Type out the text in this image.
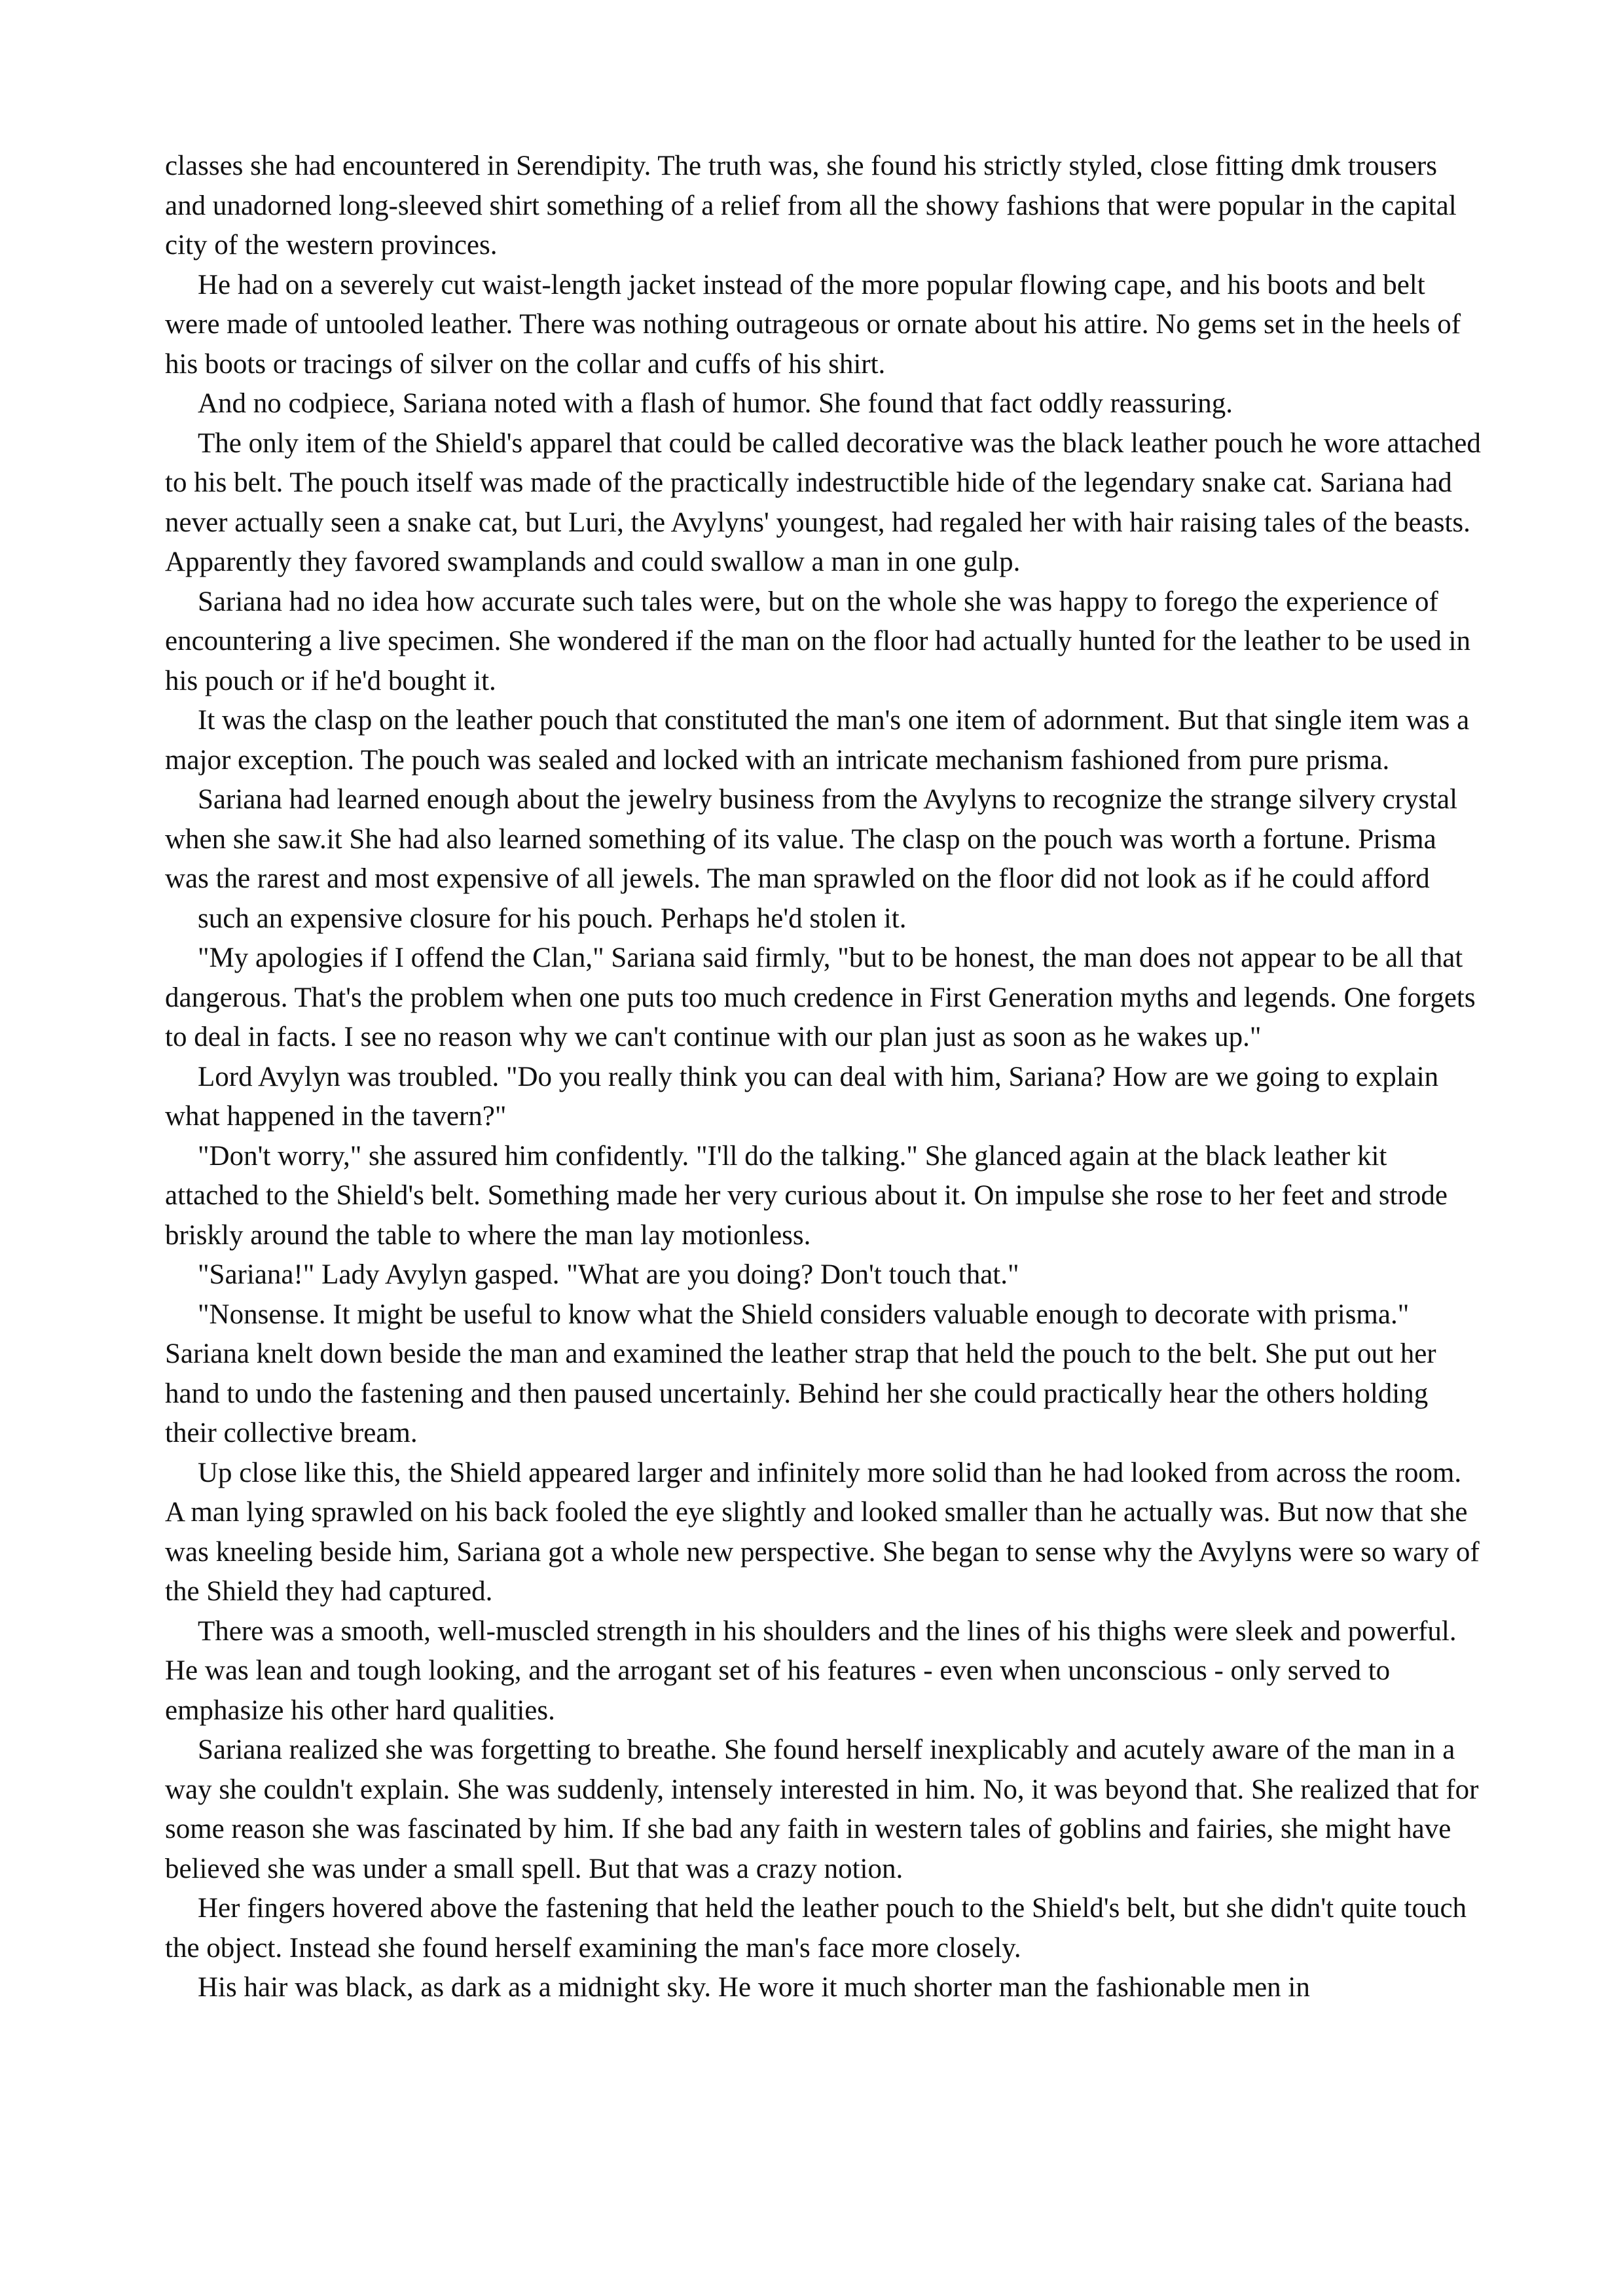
classes she had encountered in Serendipity. The truth was, she found his strictly styled, close fitting dmk trousers and unadorned long-sleeved shirt something of a relief from all the showy fashions that were popular in the capital city of the western provinces.

He had on a severely cut waist-length jacket instead of the more popular flowing cape, and his boots and belt were made of untooled leather. There was nothing outrageous or ornate about his attire. No gems set in the heels of his boots or tracings of silver on the collar and cuffs of his shirt.

And no codpiece, Sariana noted with a flash of humor. She found that fact oddly reassuring.

The only item of the Shield's apparel that could be called decorative was the black leather pouch he wore attached to his belt. The pouch itself was made of the practically indestructible hide of the legendary snake cat. Sariana had never actually seen a snake cat, but Luri, the Avylyns' youngest, had regaled her with hair raising tales of the beasts. Apparently they favored swamplands and could swallow a man in one gulp.

Sariana had no idea how accurate such tales were, but on the whole she was happy to forego the experience of encountering a live specimen. She wondered if the man on the floor had actually hunted for the leather to be used in his pouch or if he'd bought it.

It was the clasp on the leather pouch that constituted the man's one item of adornment. But that single item was a major exception. The pouch was sealed and locked with an intricate mechanism fashioned from pure prisma.

Sariana had learned enough about the jewelry business from the Avylyns to recognize the strange silvery crystal when she saw.it She had also learned something of its value. The clasp on the pouch was worth a fortune. Prisma was the rarest and most expensive of all jewels. The man sprawled on the floor did not look as if he could afford

such an expensive closure for his pouch. Perhaps he'd stolen it.

"My apologies if I offend the Clan," Sariana said firmly, "but to be honest, the man does not appear to be all that dangerous. That's the problem when one puts too much credence in First Generation myths and legends. One forgets to deal in facts. I see no reason why we can't continue with our plan just as soon as he wakes up."

Lord Avylyn was troubled. "Do you really think you can deal with him, Sariana? How are we going to explain what happened in the tavern?"

"Don't worry," she assured him confidently. "I'll do the talking." She glanced again at the black leather kit attached to the Shield's belt. Something made her very curious about it. On impulse she rose to her feet and strode briskly around the table to where the man lay motionless.

"Sariana!" Lady Avylyn gasped. "What are you doing? Don't touch that."

"Nonsense. It might be useful to know what the Shield considers valuable enough to decorate with prisma." Sariana knelt down beside the man and examined the leather strap that held the pouch to the belt. She put out her hand to undo the fastening and then paused uncertainly. Behind her she could practically hear the others holding their collective bream.

Up close like this, the Shield appeared larger and infinitely more solid than he had looked from across the room. A man lying sprawled on his back fooled the eye slightly and looked smaller than he actually was. But now that she was kneeling beside him, Sariana got a whole new perspective. She began to sense why the Avylyns were so wary of the Shield they had captured.

There was a smooth, well-muscled strength in his shoulders and the lines of his thighs were sleek and powerful. He was lean and tough looking, and the arrogant set of his features - even when unconscious - only served to emphasize his other hard qualities.

Sariana realized she was forgetting to breathe. She found herself inexplicably and acutely aware of the man in a way she couldn't explain. She was suddenly, intensely interested in him. No, it was beyond that. She realized that for some reason she was fascinated by him. If she bad any faith in western tales of goblins and fairies, she might have believed she was under a small spell. But that was a crazy notion.

Her fingers hovered above the fastening that held the leather pouch to the Shield's belt, but she didn't quite touch the object. Instead she found herself examining the man's face more closely.

His hair was black, as dark as a midnight sky. He wore it much shorter man the fashionable men in
